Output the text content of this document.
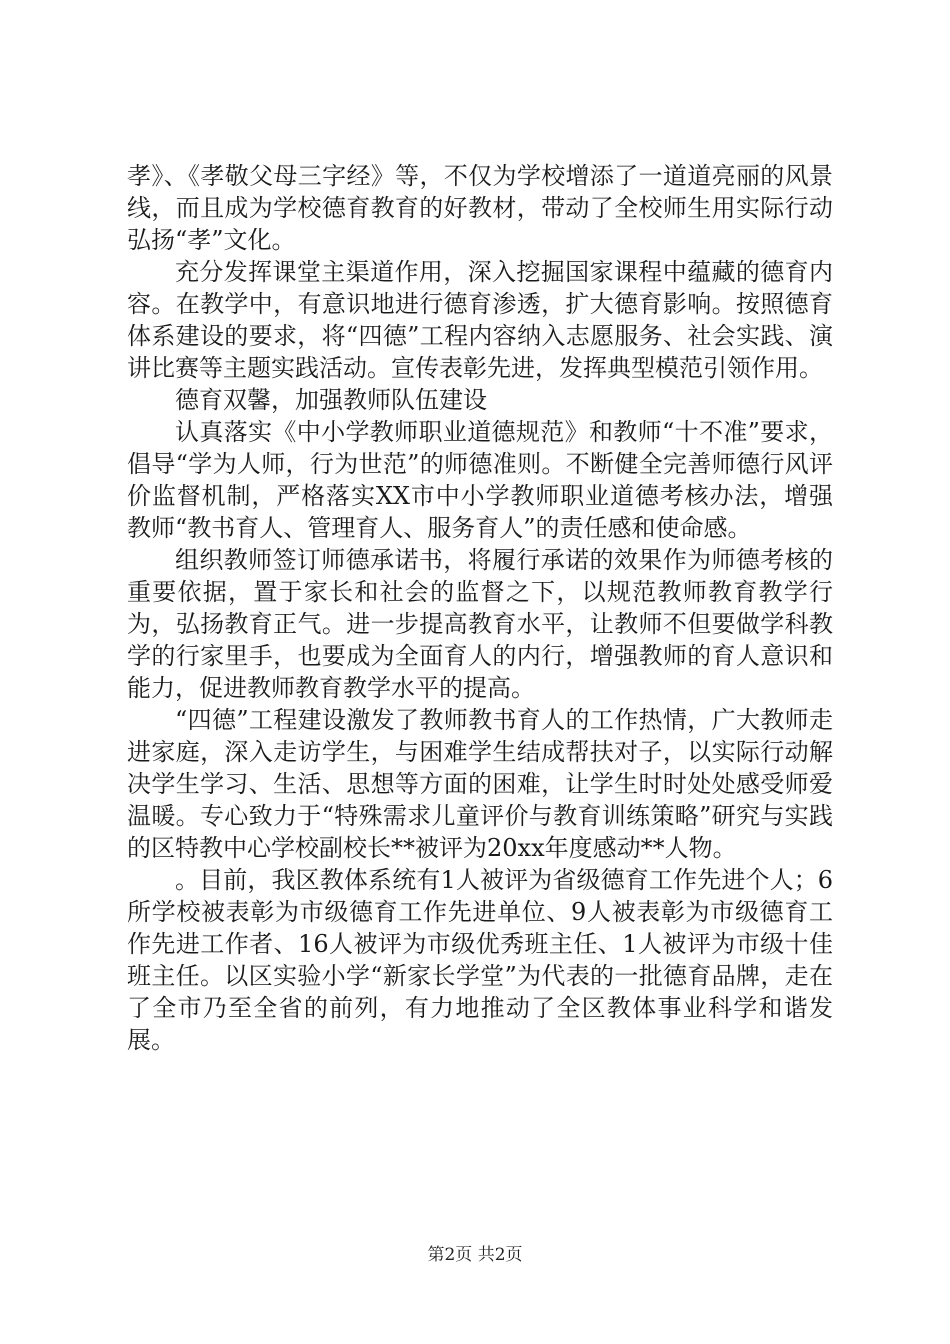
孝》、《孝敬父母三字经》等，不仅为学校增添了一道道亮丽的风景线，而且成为学校德育教育的好教材，带动了全校师生用实际行动弘扬“孝”文化。

充分发挥课堂主渠道作用，深入挖掘国家课程中蕴藏的德育内容。在教学中，有意识地进行德育渗透，扩大德育影响。按照德育体系建设的要求，将“四德”工程内容纳入志愿服务、社会实践、演讲比赛等主题实践活动。宣传表彰先进，发挥典型模范引领作用。

德育双馨，加强教师队伍建设

认真落实《中小学教师职业道德规范》和教师“十不准”要求，倡导“学为人师，行为世范”的师德准则。不断健全完善师德行风评价监督机制，严格落实XX市中小学教师职业道德考核办法，增强教师“教书育人、管理育人、服务育人”的责任感和使命感。

组织教师签订师德承诺书，将履行承诺的效果作为师德考核的重要依据，置于家长和社会的监督之下，以规范教师教育教学行为，弘扬教育正气。进一步提高教育水平，让教师不但要做学科教学的行家里手，也要成为全面育人的内行，增强教师的育人意识和能力，促进教师教育教学水平的提高。

“四德”工程建设激发了教师教书育人的工作热情，广大教师走进家庭，深入走访学生，与困难学生结成帮扶对子，以实际行动解决学生学习、生活、思想等方面的困难，让学生时时处处感受师爱温暖。专心致力于“特殊需求儿童评价与教育训练策略”研究与实践的区特教中心学校副校长**被评为20xx年度感动**人物。

。目前，我区教体系统有1人被评为省级德育工作先进个人；6所学校被表彰为市级德育工作先进单位、9人被表彰为市级德育工作先进工作者、16人被评为市级优秀班主任、1人被评为市级十佳班主任。以区实验小学“新家长学堂”为代表的一批德育品牌，走在了全市乃至全省的前列，有力地推动了全区教体事业科学和谐发展。

第2页 共2页
